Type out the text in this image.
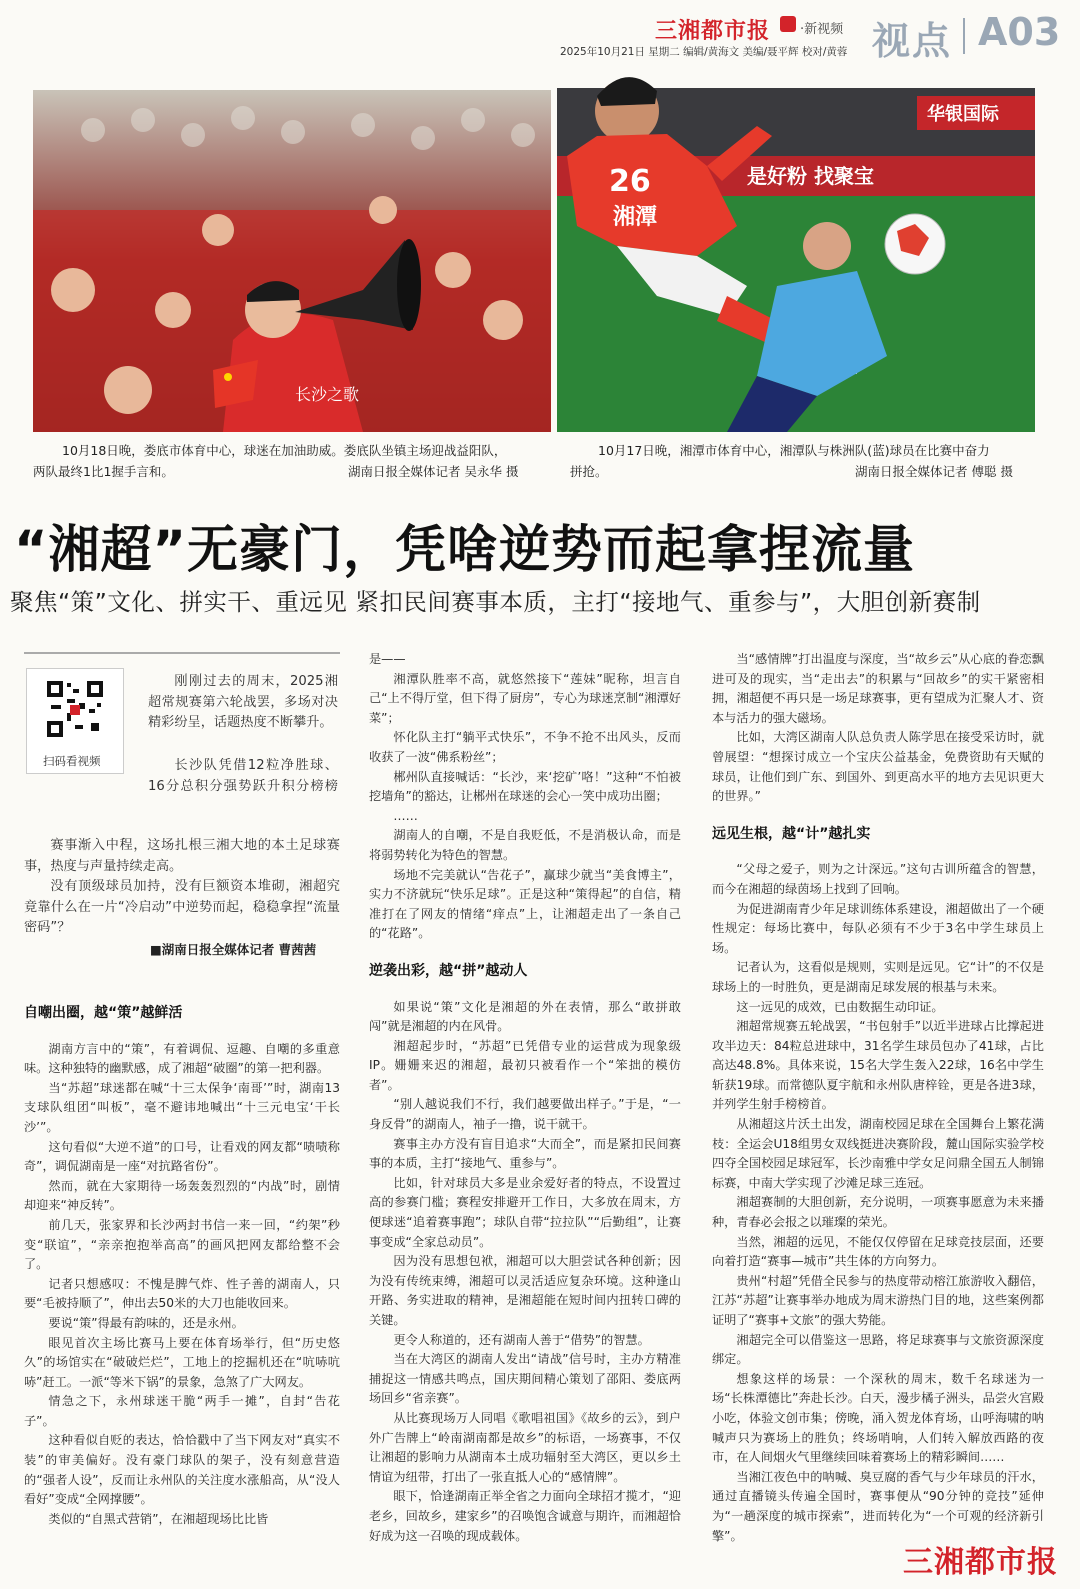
三湘都市报 ·新视频 视点 A03
2025年10月21日 星期二 编辑/黄海文 美编/聂平辉 校对/黄蓉
长沙之歌
是好粉 找聚宝
华银国际
26
湘潭
10月18日晚，娄底市体育中心，球迷在加油助威。娄底队坐镇主场迎战益阳队，
两队最终1比1握手言和。	湖南日报全媒体记者 吴永华 摄
10月17日晚，湘潭市体育中心，湘潭队与株洲队(蓝)球员在比赛中奋力
拼抢。	湖南日报全媒体记者 傅聪 摄
“湘超”无豪门，凭啥逆势而起拿捏流量
聚焦“策”文化、拼实干、重远见 紧扣民间赛事本质，主打“接地气、重参与”，大胆创新赛制
扫码看视频

刚刚过去的周末，2025湘超常规赛第六轮战罢，多场对决精彩纷呈，话题热度不断攀升。

长沙队凭借12粒净胜球、16分总积分强势跃升积分榜榜

赛事渐入中程，这场扎根三湘大地的本土足球赛事，热度与声量持续走高。

没有顶级球员加持，没有巨额资本堆砌，湘超究竟靠什么在一片“冷启动”中逆势而起，稳稳拿捏“流量密码”？

■湖南日报全媒体记者 曹茜茜
自嘲出圈，越“策”越鲜活

湖南方言中的“策”，有着调侃、逗趣、自嘲的多重意味。这种独特的幽默感，成了湘超“破圈”的第一把利器。

当“苏超”球迷都在喊“十三太保争‘南哥’”时，湖南13支球队组团“叫板”，毫不避讳地喊出“十三元电宝‘干长沙’”。

这句看似“大逆不道”的口号，让看戏的网友都“啧啧称奇”，调侃湖南是一座“对抗路省份”。

然而，就在大家期待一场轰轰烈烈的“内战”时，剧情却迎来“神反转”。

前几天，张家界和长沙两封书信一来一回，“约架”秒变“联谊”，“亲亲抱抱举高高”的画风把网友都给整不会了。

记者只想感叹：不愧是脾气炸、性子善的湖南人，只要“毛被持顺了”，伸出去50米的大刀也能收回来。

要说“策”得最有韵味的，还是永州。

眼见首次主场比赛马上要在体育场举行，但“历史悠久”的场馆实在“破破烂烂”，工地上的挖掘机还在“吭哧吭哧”赶工。一派“等米下锅”的景象，急煞了广大网友。

情急之下，永州球迷干脆“两手一摊”，自封“告花子”。

这种看似自贬的表达，恰恰戳中了当下网友对“真实不装”的审美偏好。没有豪门球队的架子，没有刻意营造的“强者人设”，反而让永州队的关注度水涨船高，从“没人看好”变成“全网撑腰”。

类似的“自黑式营销”，在湘超现场比比皆

是——

湘潭队胜率不高，就悠然接下“莲妹”昵称，坦言自己“上不得厅堂，但下得了厨房”，专心为球迷烹制“湘潭好菜”；

怀化队主打“躺平式快乐”，不争不抢不出风头，反而收获了一波“佛系粉丝”；

郴州队直接喊话：“长沙，来‘挖矿’咯！”这种“不怕被挖墙角”的豁达，让郴州在球迷的会心一笑中成功出圈；

……

湖南人的自嘲，不是自我贬低，不是消极认命，而是将弱势转化为特色的智慧。

场地不完美就认“告花子”，赢球少就当“美食博主”，实力不济就玩“快乐足球”。正是这种“策得起”的自信，精准打在了网友的情绪“痒点”上，让湘超走出了一条自己的“花路”。

逆袭出彩，越“拼”越动人

如果说“策”文化是湘超的外在表情，那么“敢拼敢闯”就是湘超的内在风骨。

湘超起步时，“苏超”已凭借专业的运营成为现象级IP。姗姗来迟的湘超，最初只被看作一个“笨拙的模仿者”。

“别人越说我们不行，我们越要做出样子。”于是，“一身反骨”的湖南人，袖子一撸，说干就干。

赛事主办方没有盲目追求“大而全”，而是紧扣民间赛事的本质，主打“接地气、重参与”。

比如，针对球员大多是业余爱好者的特点，不设置过高的参赛门槛；赛程安排避开工作日，大多放在周末，方便球迷“追着赛事跑”；球队自带“拉拉队”“后勤组”，让赛事变成“全家总动员”。

因为没有思想包袱，湘超可以大胆尝试各种创新；因为没有传统束缚，湘超可以灵活适应复杂环境。这种逢山开路、务实进取的精神，是湘超能在短时间内扭转口碑的关键。

更令人称道的，还有湖南人善于“借势”的智慧。

当在大湾区的湖南人发出“请战”信号时，主办方精准捕捉这一情感共鸣点，国庆期间精心策划了邵阳、娄底两场回乡“省亲赛”。

从比赛现场万人同唱《歌唱祖国》《故乡的云》，到户外广告牌上“岭南湖南都是故乡”的标语，一场赛事，不仅让湘超的影响力从湖南本土成功辐射至大湾区，更以乡土情谊为纽带，打出了一张直抵人心的“感情牌”。

眼下，恰逢湖南正举全省之力面向全球招才揽才，“迎老乡，回故乡，建家乡”的召唤饱含诚意与期许，而湘超恰好成为这一召唤的现成载体。

当“感情牌”打出温度与深度，当“故乡云”从心底的眷恋飘进可及的现实，当“走出去”的积累与“回故乡”的实干紧密相拥，湘超便不再只是一场足球赛事，更有望成为汇聚人才、资本与活力的强大磁场。

比如，大湾区湖南人队总负责人陈学思在接受采访时，就曾展望：“想探讨成立一个宝庆公益基金，免费资助有天赋的球员，让他们到广东、到国外、到更高水平的地方去见识更大的世界。”

远见生根，越“计”越扎实

“父母之爱子，则为之计深远。”这句古训所蕴含的智慧，而今在湘超的绿茵场上找到了回响。

为促进湖南青少年足球训练体系建设，湘超做出了一个硬性规定：每场比赛中，每队必须有不少于3名中学生球员上场。

记者认为，这看似是规则，实则是远见。它“计”的不仅是球场上的一时胜负，更是湖南足球发展的根基与未来。

这一远见的成效，已由数据生动印证。

湘超常规赛五轮战罢，“书包射手”以近半进球占比撑起进攻半边天：84粒总进球中，31名学生球员包办了41球，占比高达48.8%。具体来说，15名大学生轰入22球，16名中学生斩获19球。而常德队夏宇航和永州队唐梓铨，更是各进3球，并列学生射手榜榜首。

从湘超这片沃土出发，湖南校园足球在全国舞台上繁花满枝：全运会U18组男女双线挺进决赛阶段，麓山国际实验学校四夺全国校园足球冠军，长沙南雅中学女足问鼎全国五人制锦标赛，中南大学实现了沙滩足球三连冠。

湘超赛制的大胆创新，充分说明，一项赛事愿意为未来播种，青春必会报之以璀璨的荣光。

当然，湘超的远见，不能仅仅停留在足球竞技层面，还要向着打造“赛事—城市”共生体的方向努力。

贵州“村超”凭借全民参与的热度带动榕江旅游收入翻倍，江苏“苏超”让赛事举办地成为周末游热门目的地，这些案例都证明了“赛事+文旅”的强大势能。

湘超完全可以借鉴这一思路，将足球赛事与文旅资源深度绑定。

想象这样的场景：一个深秋的周末，数千名球迷为一场“长株潭德比”奔赴长沙。白天，漫步橘子洲头，品尝火宫殿小吃，体验文创市集；傍晚，涌入贺龙体育场，山呼海啸的呐喊声只为赛场上的胜负；终场哨响，人们转入解放西路的夜市，在人间烟火气里继续回味着赛场上的精彩瞬间……

当湘江夜色中的呐喊、臭豆腐的香气与少年球员的汗水，通过直播镜头传遍全国时，赛事便从“90分钟的竞技”延伸为“一趟深度的城市探索”，进而转化为“一个可观的经济新引擎”。

三湘都市报
